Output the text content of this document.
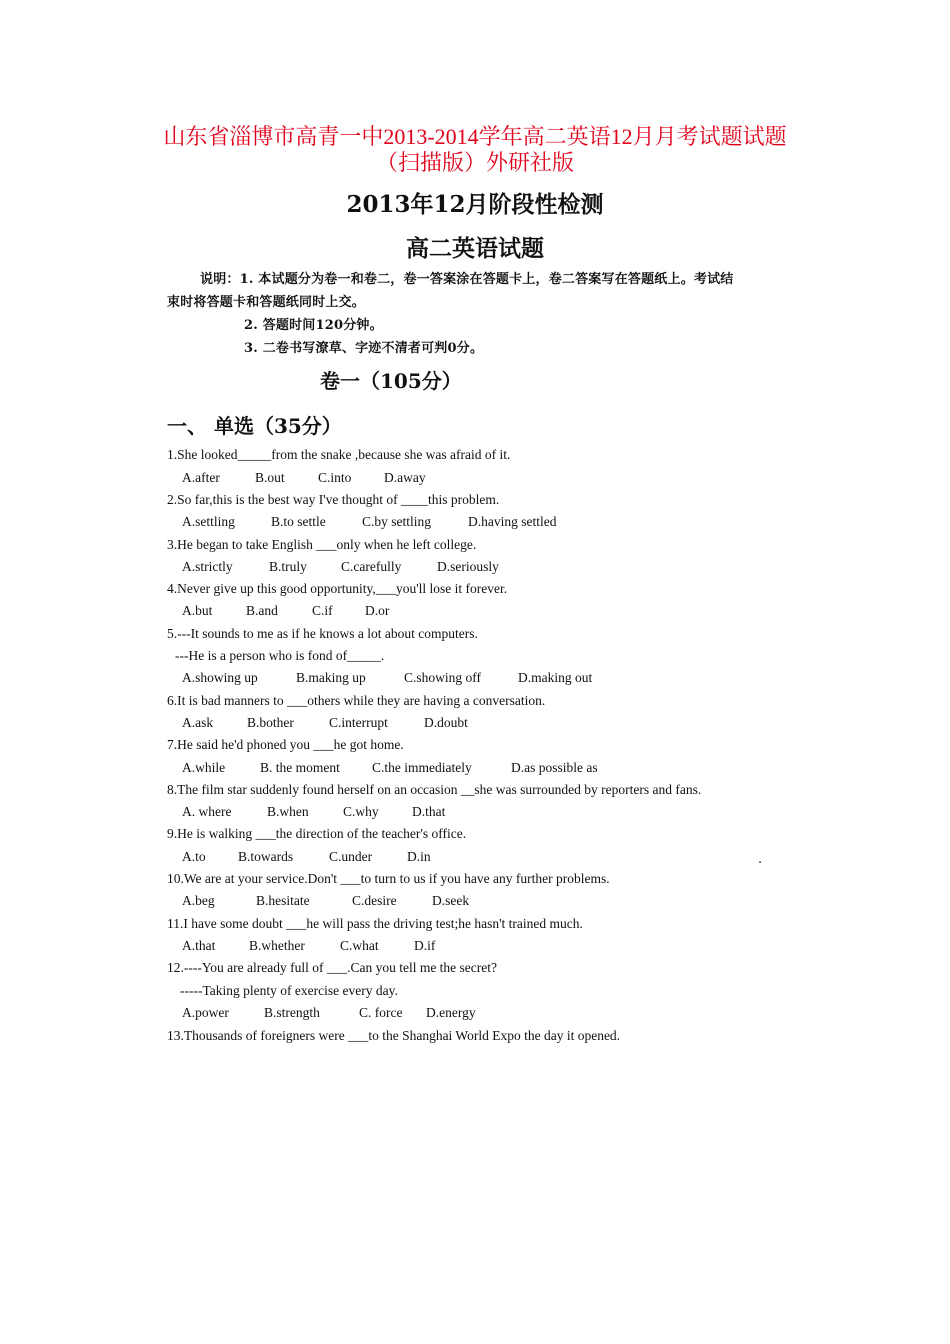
山东省淄博市高青一中2013-2014学年高二英语12月月考试题试题
（扫描版）外研社版
2013年12月阶段性检测
高二英语试题
说明：1. 本试题分为卷一和卷二，卷一答案涂在答题卡上，卷二答案写在答题纸上。考试结
束时将答题卡和答题纸同时上交。
2. 答题时间120分钟。
3. 二卷书写潦草、字迹不清者可判0分。
卷一（105分）
一、 单选（35分）
1.She looked_____from the snake ,because she was afraid of it.
A.after	B.out C.into D.away
2.So far,this is the best way I've thought of ____this problem.
A.settling	B.to settle	C.by settling	D.having settled
3.He began to take English ___only when he left college.
A.strictly	B.truly	C.carefully	D.seriously
4.Never give up this good opportunity,___you'll lose it forever.
A.but B.and	C.if D.or
5.---It sounds to me as if he knows a lot about computers.
---He is a person who is fond of_____.
A.showing up	B.making up	C.showing off	D.making out
6.It is bad manners to ___others while they are having a conversation.
A.ask	B.bother	C.interrupt	D.doubt
7.He said he'd phoned you ___he got home.
A.while	B. the moment C.the immediately	D.as possible as
8.The film star suddenly found herself on an occasion __she was surrounded by reporters and fans.
A. where	B.when	C.why D.that
9.He is walking ___the direction of the teacher's office.
A.to B.towards	C.under	D.in	.
10.We are at your service.Don't ___to turn to us if you have any further problems.
A.beg	B.hesitate	C.desire	D.seek
11.I have some doubt ___he will pass the driving test;he hasn't trained much.
A.that B.whether	C.what	D.if
12.----You are already full of ___.Can you tell me the secret?
-----Taking plenty of exercise every day.
A.power	B.strength	C. force D.energy
13.Thousands of foreigners were ___to the Shanghai World Expo the day it opened.
